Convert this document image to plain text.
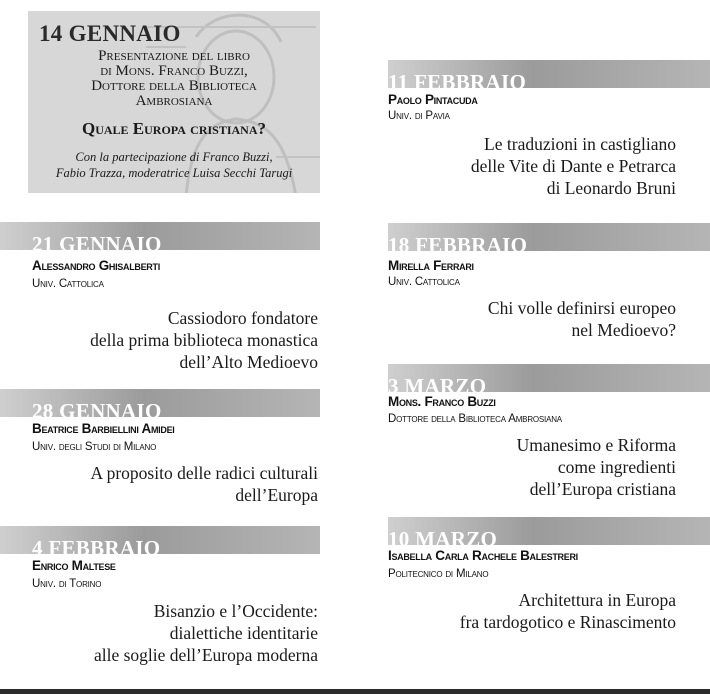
14 GENNAIO
Presentazione del libro
di Mons. Franco Buzzi,
Dottore della Biblioteca
Ambrosiana
Quale Europa cristiana?
Con la partecipazione di Franco Buzzi,
Fabio Trazza, moderatrice Luisa Secchi Tarugi
21 GENNAIO
Alessandro Ghisalberti
Univ. Cattolica
Cassiodoro fondatore
della prima biblioteca monastica
dell’Alto Medioevo
28 GENNAIO
Beatrice Barbiellini Amidei
Univ. degli Studi di Milano
A proposito delle radici culturali
dell’Europa
4 FEBBRAIO
Enrico Maltese
Univ. di Torino
Bisanzio e l’Occidente:
dialettiche identitarie
alle soglie dell’Europa moderna
11 FEBBRAIO
Paolo Pintacuda
Univ. di Pavia
Le traduzioni in castigliano
delle Vite di Dante e Petrarca
di Leonardo Bruni
18 FEBBRAIO
Mirella Ferrari
Univ. Cattolica
Chi volle definirsi europeo
nel Medioevo?
3 MARZO
Mons. Franco Buzzi
Dottore della Biblioteca Ambrosiana
Umanesimo e Riforma
come ingredienti
dell’Europa cristiana
10 MARZO
Isabella Carla Rachele Balestreri
Politecnico di Milano
Architettura in Europa
fra tardogotico e Rinascimento
